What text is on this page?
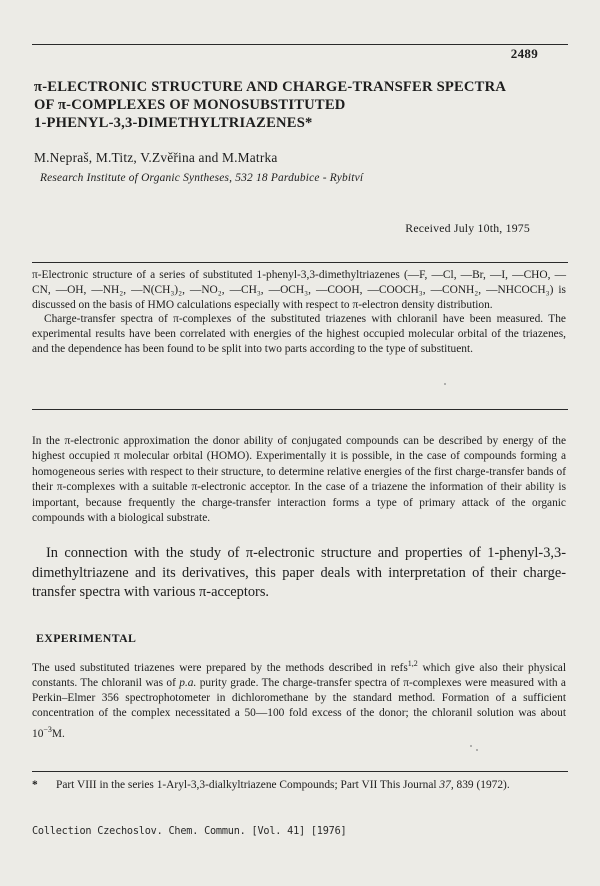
2489
π-ELECTRONIC STRUCTURE AND CHARGE-TRANSFER SPECTRA
OF π-COMPLEXES OF MONOSUBSTITUTED
1-PHENYL-3,3-DIMETHYLTRIAZENES*
M.Nepraš, M.Titz, V.Zvěřina and M.Matrka
Research Institute of Organic Syntheses, 532 18 Pardubice - Rybitví
Received July 10th, 1975

π-Electronic structure of a series of substituted 1-phenyl-3,3-dimethyltriazenes (—F, —Cl, —Br, —I, —CHO, —CN, —OH, —NH₂, —N(CH₃)₂, —NO₂, —CH₃, —OCH₃, —COOH, —COOCH₃, —CONH₂, —NHCOCH₃) is discussed on the basis of HMO calculations especially with respect to π-electron density distribution.

Charge-transfer spectra of π-complexes of the substituted triazenes with chloranil have been measured. The experimental results have been correlated with energies of the highest occupied molecular orbital of the triazenes, and the dependence has been found to be split into two parts according to the type of substituent.

In the π-electronic approximation the donor ability of conjugated compounds can be described by energy of the highest occupied π molecular orbital (HOMO). Experimentally it is possible, in the case of compounds forming a homogeneous series with respect to their structure, to determine relative energies of the first charge-transfer bands of their π-complexes with a suitable π-electronic acceptor. In the case of a triazene the information of their ability is important, because frequently the charge-transfer interaction forms a type of primary attack of the organic compounds with a biological substrate.
In connection with the study of π-electronic structure and properties of 1-phenyl-3,3-dimethyltriazene and its derivatives, this paper deals with interpretation of their charge-transfer spectra with various π-acceptors.
EXPERIMENTAL
The used substituted triazenes were prepared by the methods described in refs$^{1,2}$ which give also their physical constants. The chloranil was of p.a. purity grade. The charge-transfer spectra of π-complexes were measured with a Perkin–Elmer 356 spectrophotometer in dichloromethane by the standard method. Formation of a sufficient concentration of the complex necessitated a 50—100 fold excess of the donor; the chloranil solution was about $10^{-3}M$.
* Part VIII in the series 1-Aryl-3,3-dialkyltriazene Compounds; Part VII This Journal 37, 839 (1972).
Collection Czechoslov. Chem. Commun. [Vol. 41] [1976]
